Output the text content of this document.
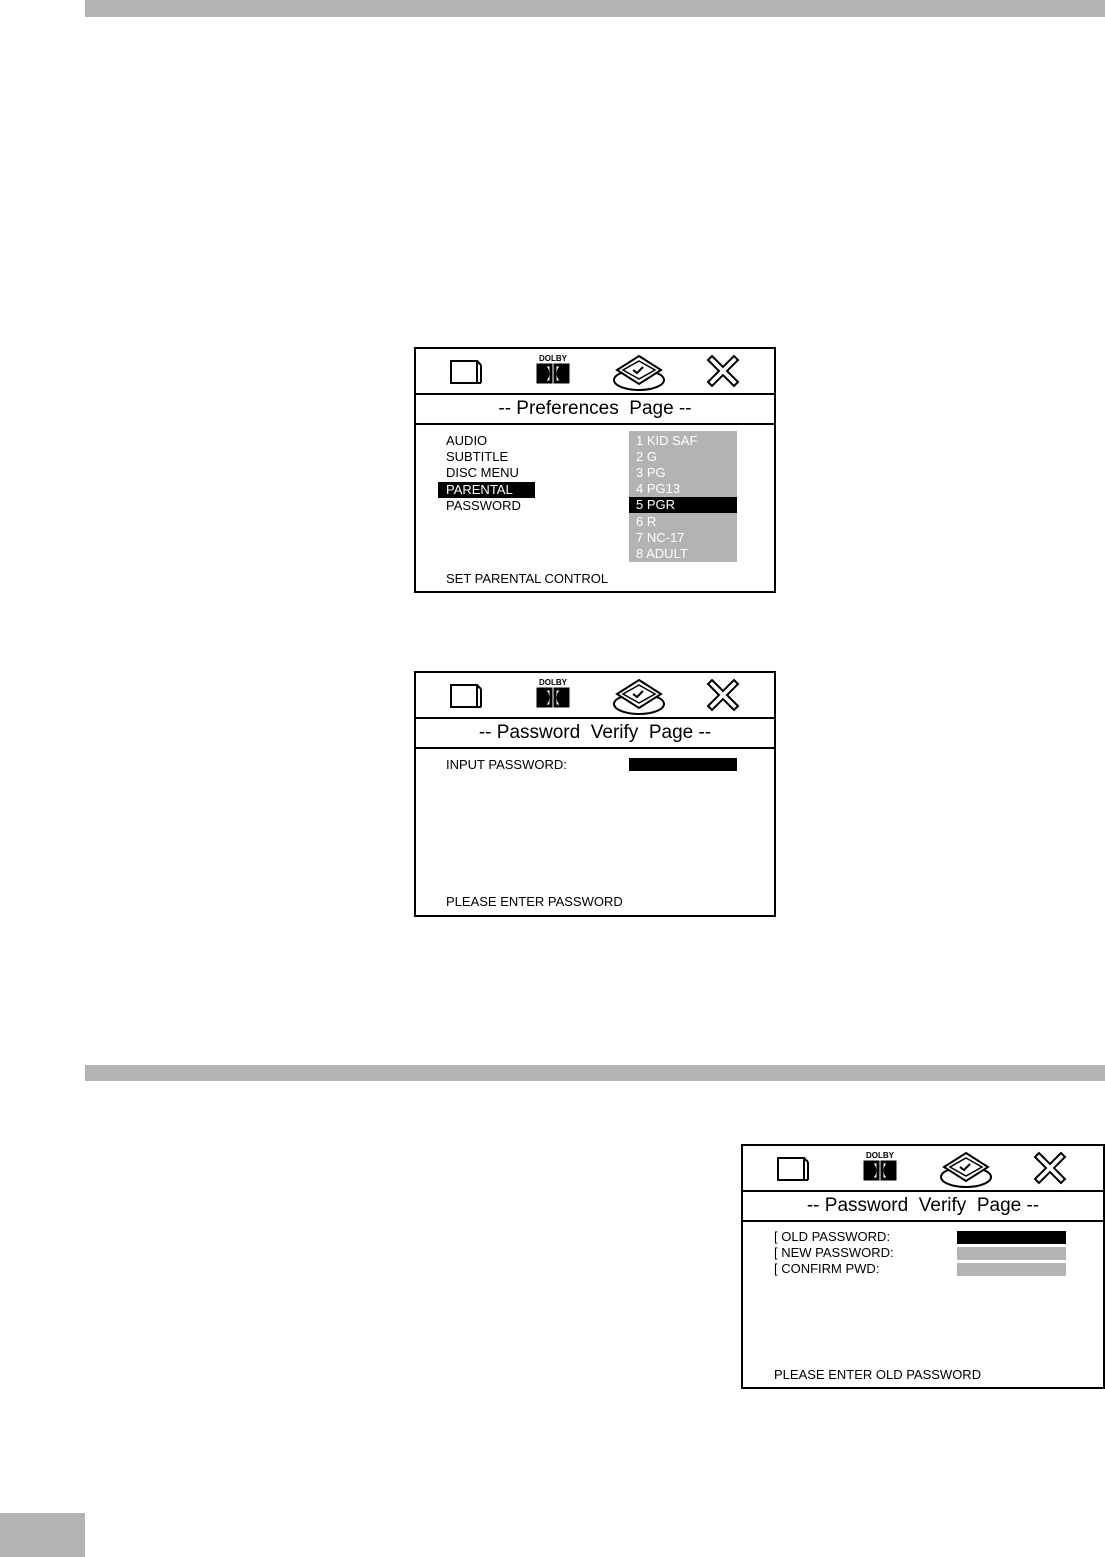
DOLBY
-- Preferences  Page --
AUDIO
SUBTITLE
DISC MENU
PARENTAL
PASSWORD
1 KID SAF
2 G
3 PG
4 PG13
5 PGR
6 R
7 NC-17
8 ADULT
SET PARENTAL CONTROL
DOLBY
-- Password  Verify  Page --
INPUT PASSWORD:
PLEASE ENTER PASSWORD
DOLBY
-- Password  Verify  Page --
[ OLD PASSWORD:
[ NEW PASSWORD:
[ CONFIRM PWD:
PLEASE ENTER OLD PASSWORD
